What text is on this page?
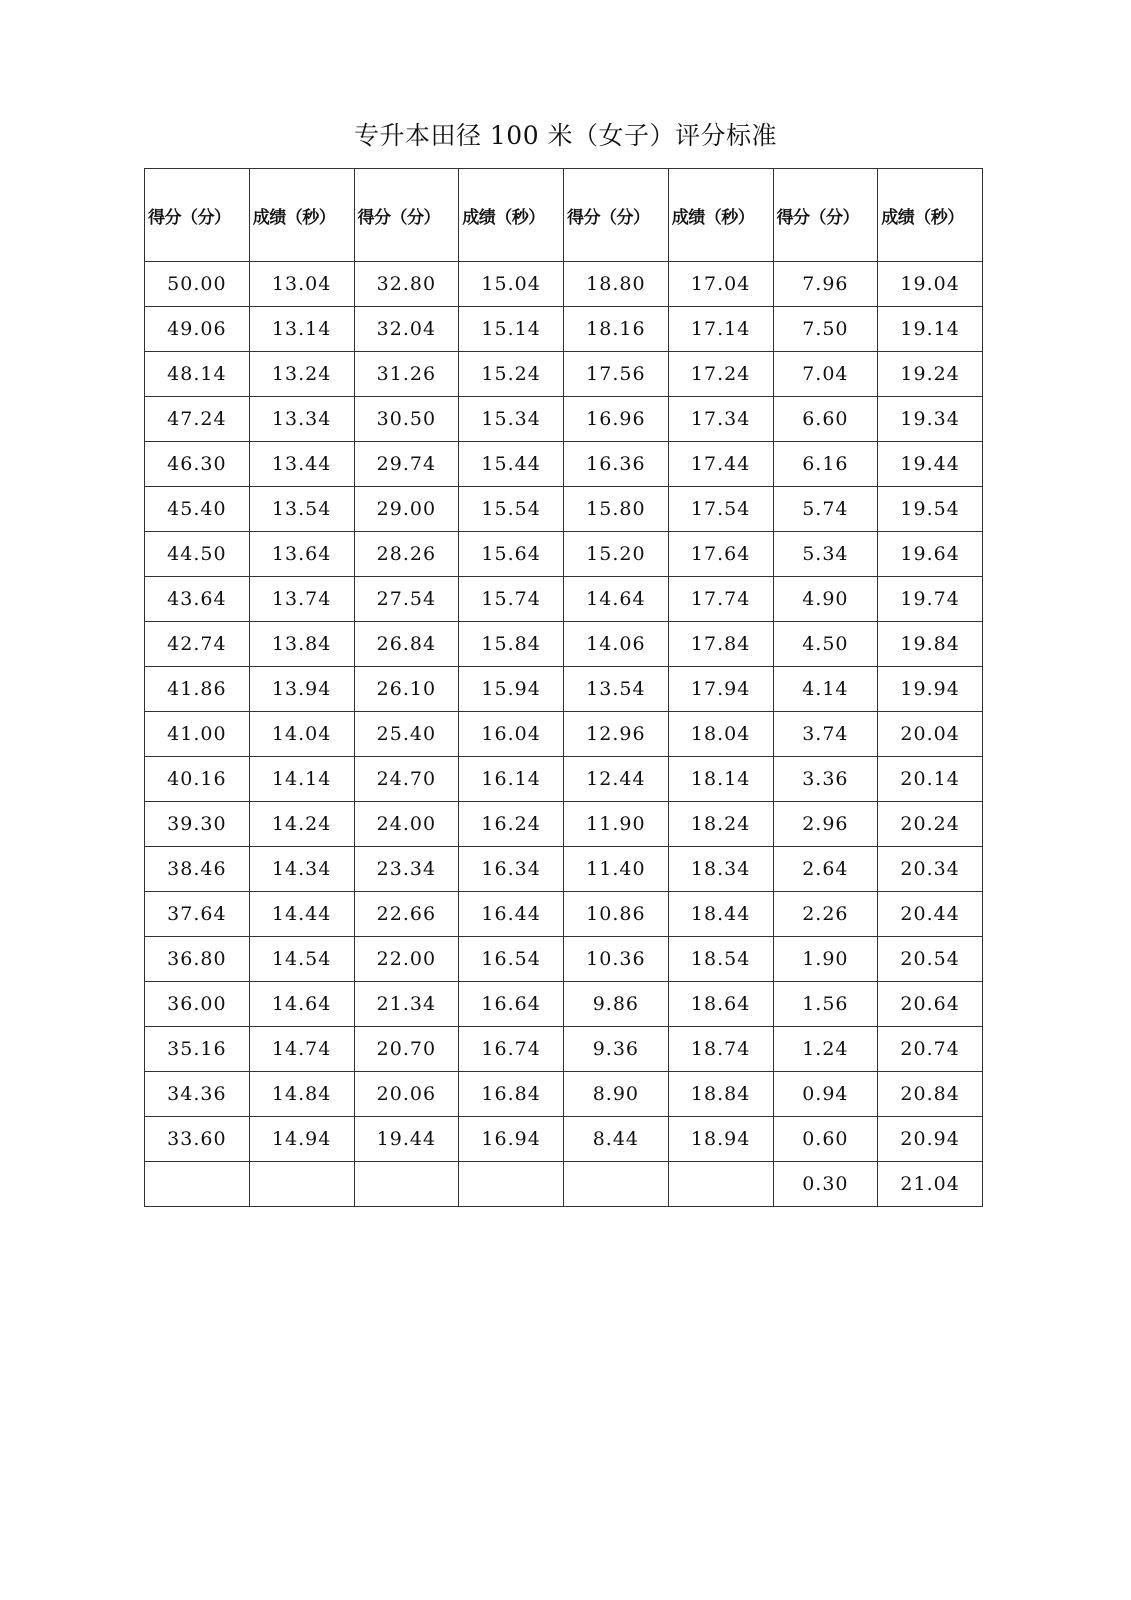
专升本田径 100 米（女子）评分标准
得分（分）	成绩（秒）	得分（分）	成绩（秒）	得分（分）	成绩（秒）	得分（分）	成绩（秒）
50.00	13.04	32.80	15.04	18.80	17.04	7.96	19.04
49.06	13.14	32.04	15.14	18.16	17.14	7.50	19.14
48.14	13.24	31.26	15.24	17.56	17.24	7.04	19.24
47.24	13.34	30.50	15.34	16.96	17.34	6.60	19.34
46.30	13.44	29.74	15.44	16.36	17.44	6.16	19.44
45.40	13.54	29.00	15.54	15.80	17.54	5.74	19.54
44.50	13.64	28.26	15.64	15.20	17.64	5.34	19.64
43.64	13.74	27.54	15.74	14.64	17.74	4.90	19.74
42.74	13.84	26.84	15.84	14.06	17.84	4.50	19.84
41.86	13.94	26.10	15.94	13.54	17.94	4.14	19.94
41.00	14.04	25.40	16.04	12.96	18.04	3.74	20.04
40.16	14.14	24.70	16.14	12.44	18.14	3.36	20.14
39.30	14.24	24.00	16.24	11.90	18.24	2.96	20.24
38.46	14.34	23.34	16.34	11.40	18.34	2.64	20.34
37.64	14.44	22.66	16.44	10.86	18.44	2.26	20.44
36.80	14.54	22.00	16.54	10.36	18.54	1.90	20.54
36.00	14.64	21.34	16.64	9.86	18.64	1.56	20.64
35.16	14.74	20.70	16.74	9.36	18.74	1.24	20.74
34.36	14.84	20.06	16.84	8.90	18.84	0.94	20.84
33.60	14.94	19.44	16.94	8.44	18.94	0.60	20.94
						0.30	21.04
